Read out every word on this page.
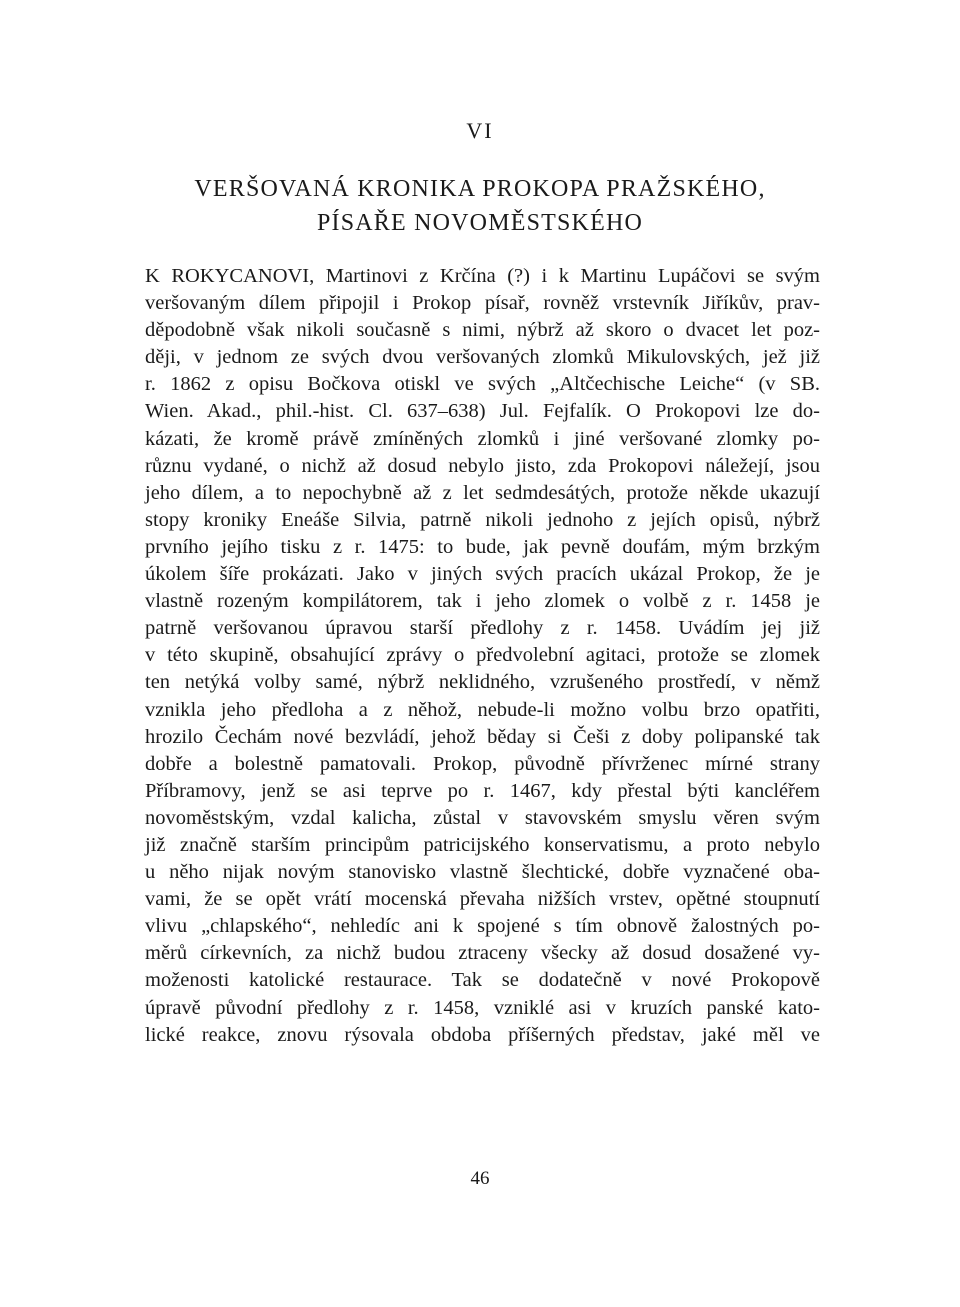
VI
VERŠOVANÁ KRONIKA PROKOPA PRAŽSKÉHO,
PÍSAŘE NOVOMĚSTSKÉHO
K ROKYCANOVI, Martinovi z Krčína (?) i k Martinu Lupáčovi se svým
veršovaným dílem připojil i Prokop písař, rovněž vrstevník Jiříkův, prav-
děpodobně však nikoli současně s nimi, nýbrž až skoro o dvacet let poz-
ději, v jednom ze svých dvou veršovaných zlomků Mikulovských, jež již
r. 1862 z opisu Bočkova otiskl ve svých „Altčechische Leiche“ (v SB.
Wien. Akad., phil.-hist. Cl. 637–638) Jul. Fejfalík. O Prokopovi lze do-
kázati, že kromě právě zmíněných zlomků i jiné veršované zlomky po-
různu vydané, o nichž až dosud nebylo jisto, zda Prokopovi náležejí, jsou
jeho dílem, a to nepochybně až z let sedmdesátých, protože někde ukazují
stopy kroniky Eneáše Silvia, patrně nikoli jednoho z jejích opisů, nýbrž
prvního jejího tisku z r. 1475: to bude, jak pevně doufám, mým brzkým
úkolem šíře prokázati. Jako v jiných svých pracích ukázal Prokop, že je
vlastně rozeným kompilátorem, tak i jeho zlomek o volbě z r. 1458 je
patrně veršovanou úpravou starší předlohy z r. 1458. Uvádím jej již
v této skupině, obsahující zprávy o předvolební agitaci, protože se zlomek
ten netýká volby samé, nýbrž neklidného, vzrušeného prostředí, v němž
vznikla jeho předloha a z něhož, nebude-li možno volbu brzo opatřiti,
hrozilo Čechám nové bezvládí, jehož běday si Češi z doby polipanské tak
dobře a bolestně pamatovali. Prokop, původně přívrženec mírné strany
Příbramovy, jenž se asi teprve po r. 1467, kdy přestal býti kancléřem
novoměstským, vzdal kalicha, zůstal v stavovském smyslu věren svým
již značně starším principům patricijského konservatismu, a proto nebylo
u něho nijak novým stanovisko vlastně šlechtické, dobře vyznačené oba-
vami, že se opět vrátí mocenská převaha nižších vrstev, opětné stoupnutí
vlivu „chlapského“, nehledíc ani k spojené s tím obnově žalostných po-
měrů církevních, za nichž budou ztraceny všecky až dosud dosažené vy-
moženosti katolické restaurace. Tak se dodatečně v nové Prokopově
úpravě původní předlohy z r. 1458, vzniklé asi v kruzích panské kato-
lické reakce, znovu rýsovala obdoba příšerných představ, jaké měl ve
46
